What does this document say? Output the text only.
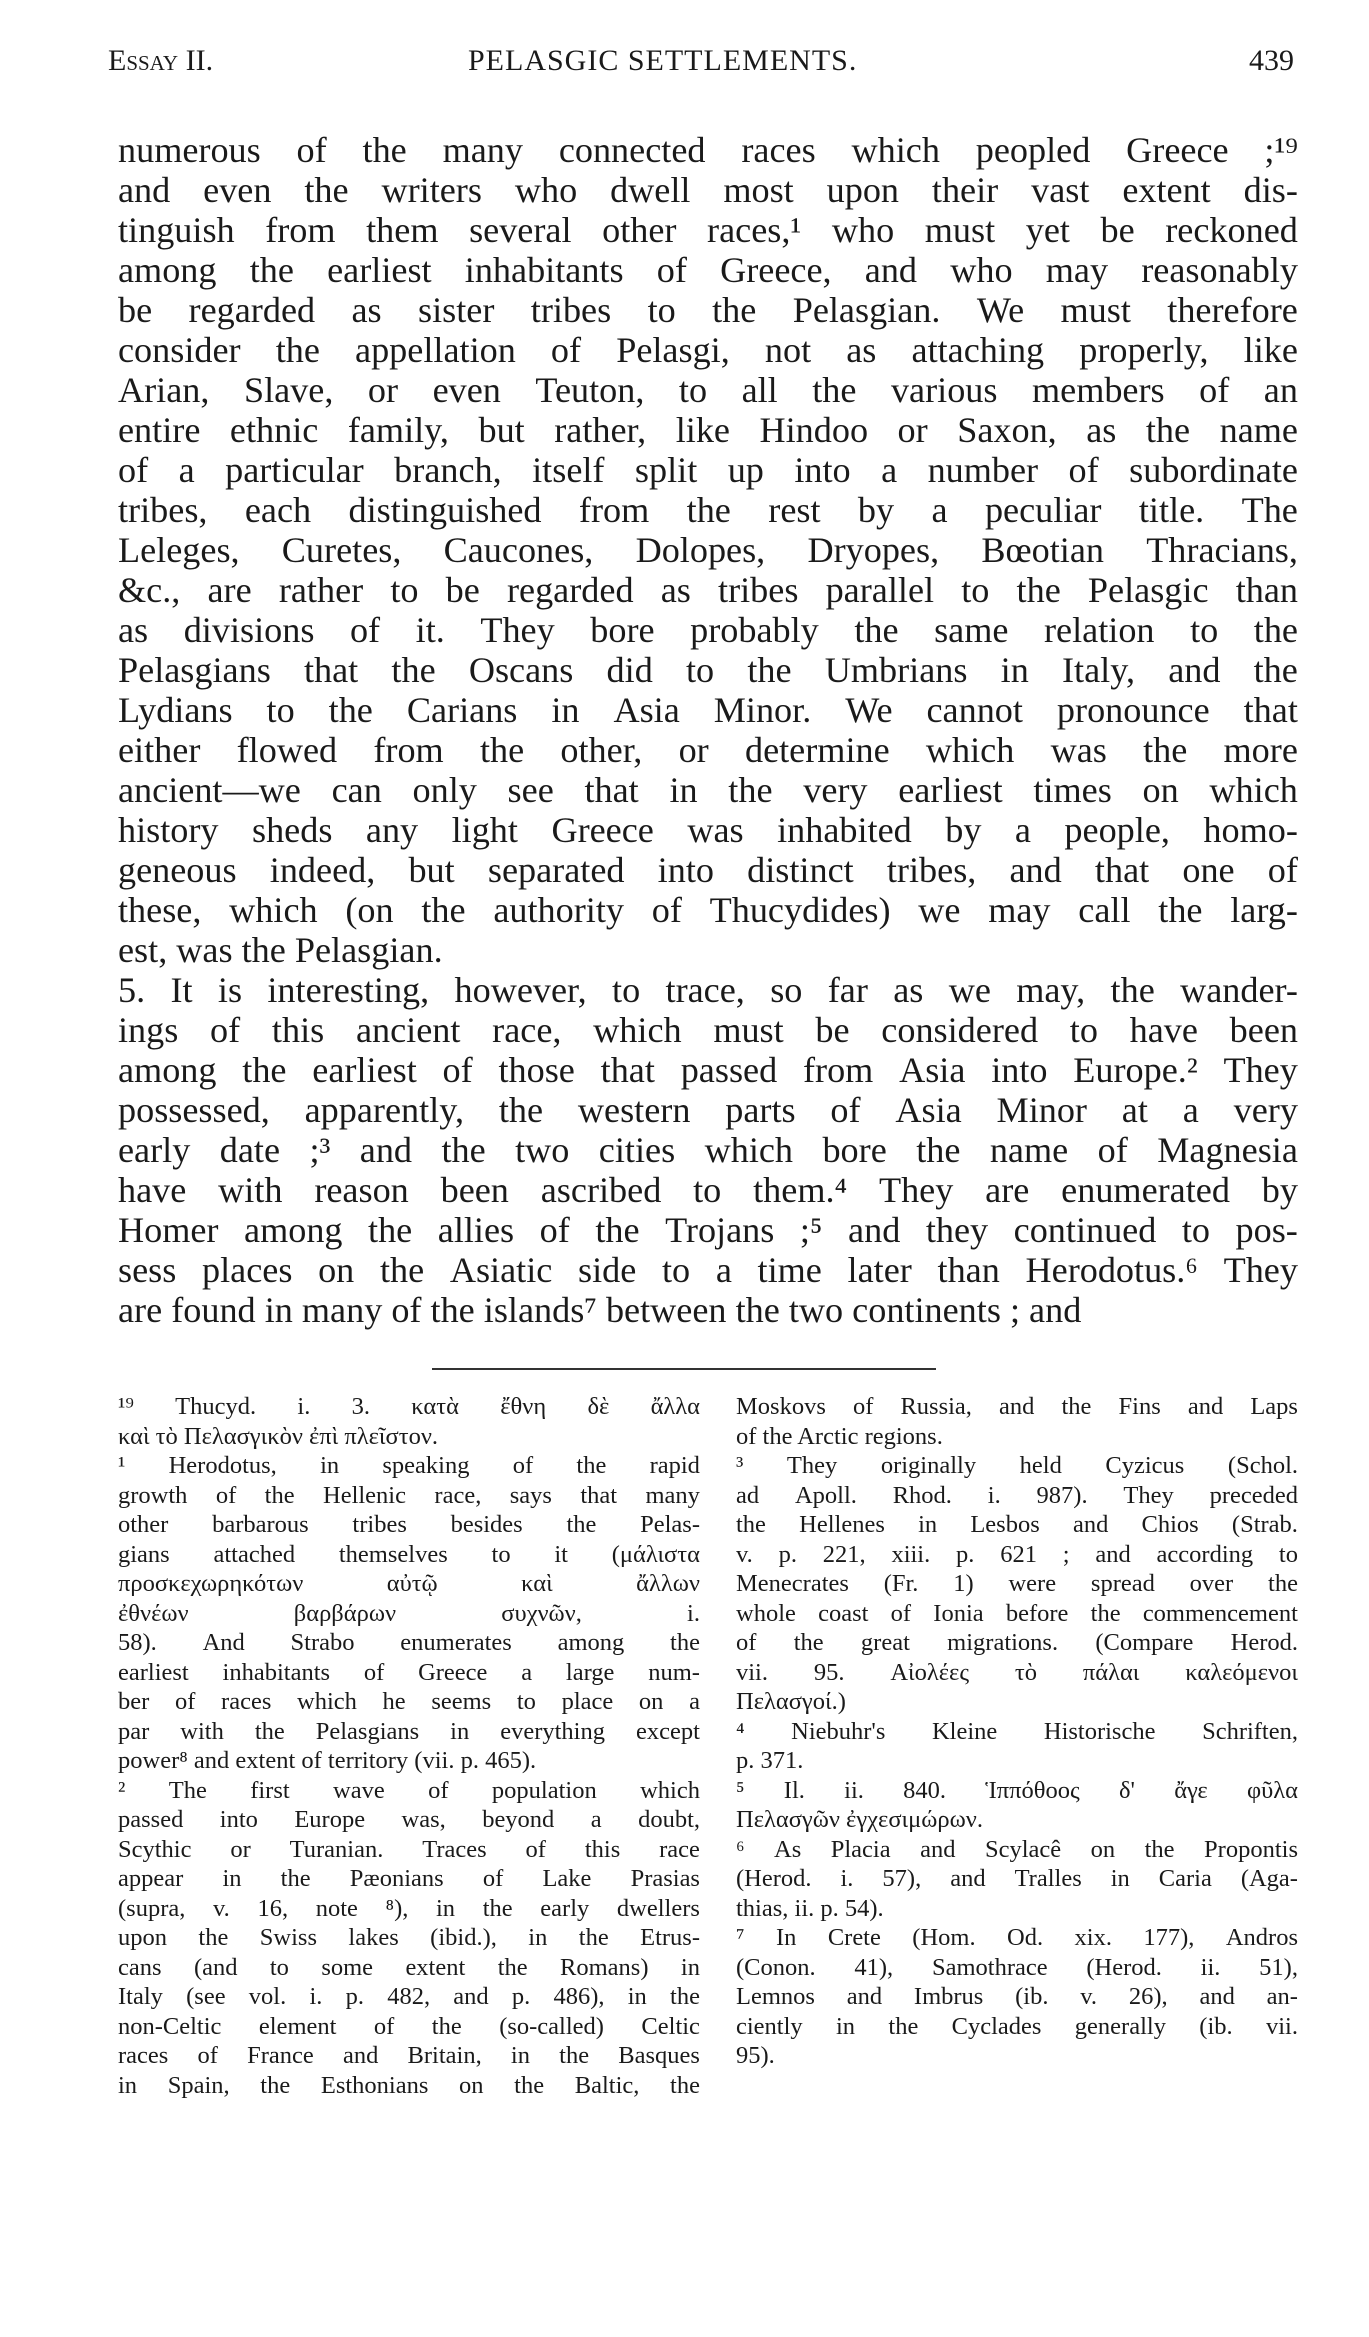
Essay II.	PELASGIC SETTLEMENTS.	439
numerous of the many connected races which peopled Greece ;¹⁹
and even the writers who dwell most upon their vast extent dis-
tinguish from them several other races,¹ who must yet be reckoned
among the earliest inhabitants of Greece, and who may reasonably
be regarded as sister tribes to the Pelasgian. We must therefore
consider the appellation of Pelasgi, not as attaching properly, like
Arian, Slave, or even Teuton, to all the various members of an
entire ethnic family, but rather, like Hindoo or Saxon, as the name
of a particular branch, itself split up into a number of subordinate
tribes, each distinguished from the rest by a peculiar title. The
Leleges, Curetes, Caucones, Dolopes, Dryopes, Bœotian Thracians,
&c., are rather to be regarded as tribes parallel to the Pelasgic than
as divisions of it. They bore probably the same relation to the
Pelasgians that the Oscans did to the Umbrians in Italy, and the
Lydians to the Carians in Asia Minor. We cannot pronounce that
either flowed from the other, or determine which was the more
ancient—we can only see that in the very earliest times on which
history sheds any light Greece was inhabited by a people, homo-
geneous indeed, but separated into distinct tribes, and that one of
these, which (on the authority of Thucydides) we may call the larg-
est, was the Pelasgian.
5. It is interesting, however, to trace, so far as we may, the wander-
ings of this ancient race, which must be considered to have been
among the earliest of those that passed from Asia into Europe.² They
possessed, apparently, the western parts of Asia Minor at a very
early date ;³ and the two cities which bore the name of Magnesia
have with reason been ascribed to them.⁴ They are enumerated by
Homer among the allies of the Trojans ;⁵ and they continued to pos-
sess places on the Asiatic side to a time later than Herodotus.⁶ They
are found in many of the islands⁷ between the two continents ; and
¹⁹ Thucyd. i. 3. κατὰ ἔθνη δὲ ἄλλα
καὶ τὸ Πελασγικὸν ἐπὶ πλεῖστον.
¹ Herodotus, in speaking of the rapid
growth of the Hellenic race, says that many
other barbarous tribes besides the Pelas-
gians attached themselves to it (μάλιστα
προσκεχωρηκότων	αὐτῷ	καὶ	ἄλλων
ἐθνέων	βαρβάρων	συχνῶν,	i.
58). And Strabo enumerates among the
earliest inhabitants of Greece a large num-
ber of races which he seems to place on a
par with the Pelasgians in everything except
power⁸ and extent of territory (vii. p. 465).
² The first wave of population which
passed into Europe was, beyond a doubt,
Scythic or Turanian. Traces of this race
appear in the Pæonians of Lake Prasias
(supra, v. 16, note ⁸), in the early dwellers
upon the Swiss lakes (ibid.), in the Etrus-
cans (and to some extent the Romans) in
Italy (see vol. i. p. 482, and p. 486), in the
non-Celtic element of the (so-called) Celtic
races of France and Britain, in the Basques
in Spain, the Esthonians on the Baltic, the
Moskovs of Russia, and the Fins and Laps
of the Arctic regions.
³ They originally held Cyzicus (Schol.
ad Apoll. Rhod. i. 987). They preceded
the Hellenes in Lesbos and Chios (Strab.
v. p. 221, xiii. p. 621 ; and according to
Menecrates (Fr. 1) were spread over the
whole coast of Ionia before the commencement
of the great migrations. (Compare Herod.
vii. 95. Αἰολέες τὸ πάλαι καλεόμενοι
Πελασγοί.)
⁴ Niebuhr's Kleine Historische Schriften,
p. 371.
⁵ Il. ii. 840. Ἱππόθοος δ' ἄγε φῦλα
Πελασγῶν ἐγχεσιμώρων.
⁶ As Placia and Scylacê on the Propontis
(Herod. i. 57), and Tralles in Caria (Aga-
thias, ii. p. 54).
⁷ In Crete (Hom. Od. xix. 177), Andros
(Conon. 41), Samothrace (Herod. ii. 51),
Lemnos and Imbrus (ib. v. 26), and an-
ciently in the Cyclades generally (ib. vii.
95).
